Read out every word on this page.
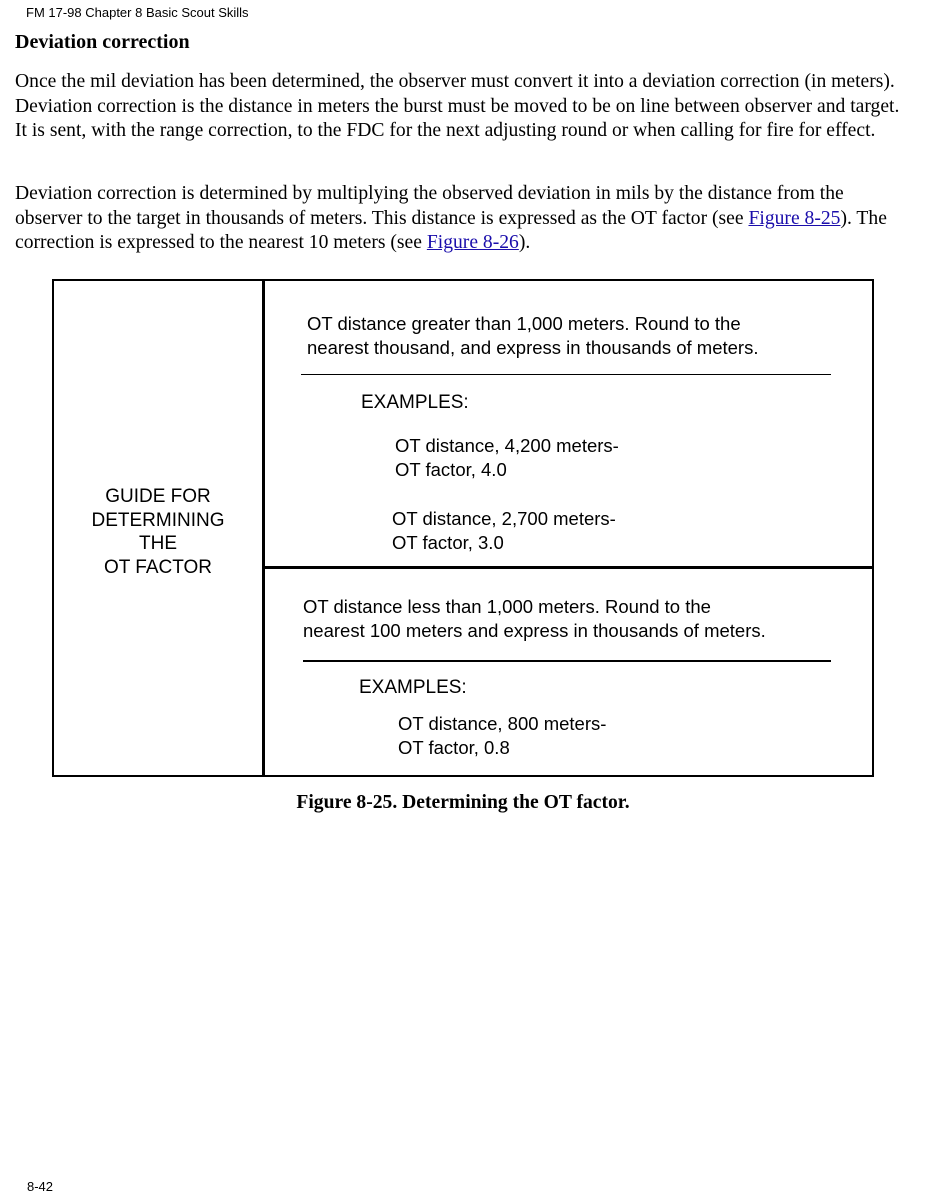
FM 17-98 Chapter 8 Basic Scout Skills
Deviation correction

Once the mil deviation has been determined, the observer must convert it into a deviation correction (in meters). Deviation correction is the distance in meters the burst must be moved to be on line between observer and target. It is sent, with the range correction, to the FDC for the next adjusting round or when calling for fire for effect.

Deviation correction is determined by multiplying the observed deviation in mils by the distance from the observer to the target in thousands of meters. This distance is expressed as the OT factor (see Figure 8-25). The correction is expressed to the nearest 10 meters (see Figure 8-26).

GUIDE FOR
DETERMINING
THE
OT FACTOR
OT distance greater than 1,000 meters. Round to the
nearest thousand, and express in thousands of meters.
EXAMPLES:
OT distance, 4,200 meters-
OT factor, 4.0
OT distance, 2,700 meters-
OT factor, 3.0
OT distance less than 1,000 meters. Round to the
nearest 100 meters and express in thousands of meters.
EXAMPLES:
OT distance, 800 meters-
OT factor, 0.8
Figure 8-25. Determining the OT factor.
8-42
